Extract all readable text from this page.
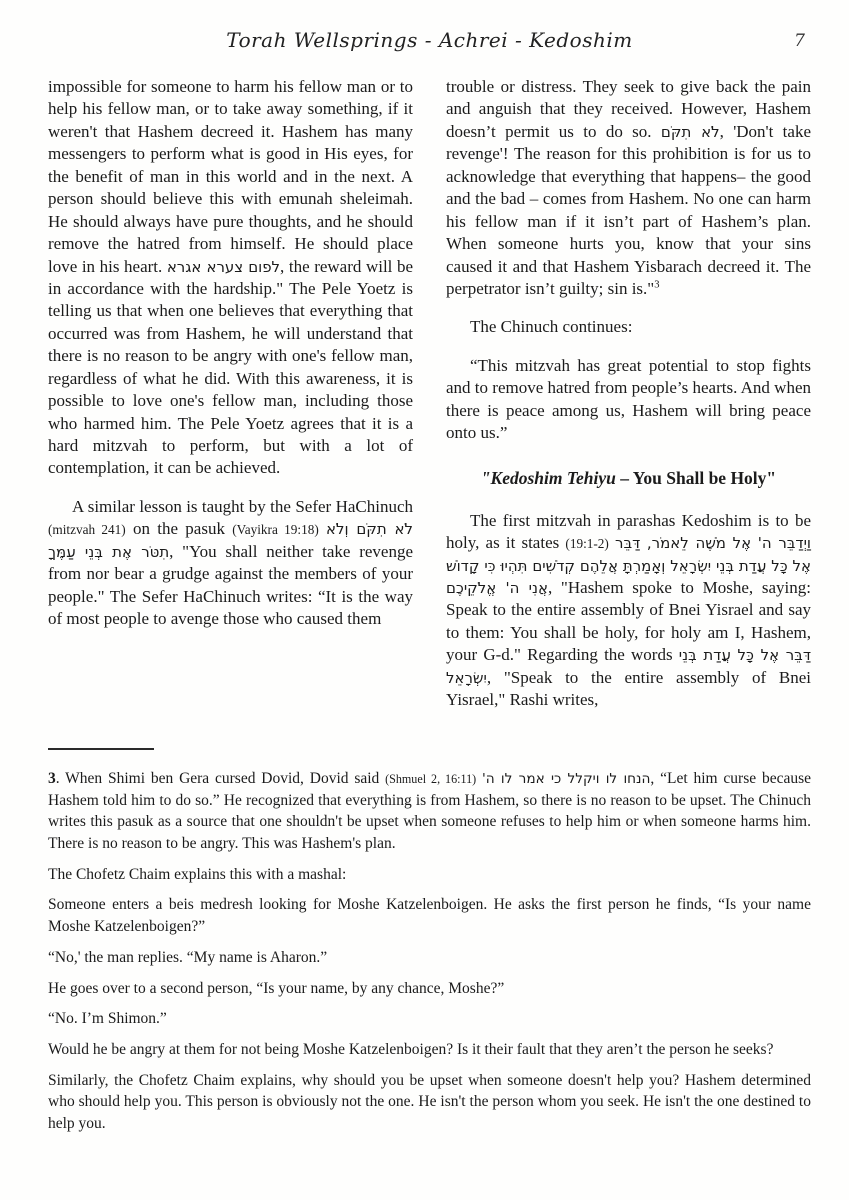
Torah Wellsprings - Achrei - Kedoshim	7

impossible for someone to harm his fellow man or to help his fellow man, or to take away something, if it weren't that Hashem decreed it. Hashem has many messengers to perform what is good in His eyes, for the benefit of man in this world and in the next. A person should believe this with emunah sheleimah. He should always have pure thoughts, and he should remove the hatred from himself. He should place love in his heart. לפום צערא אגרא, the reward will be in accordance with the hardship." The Pele Yoetz is telling us that when one believes that everything that occurred was from Hashem, he will understand that there is no reason to be angry with one's fellow man, regardless of what he did. With this awareness, it is possible to love one's fellow man, including those who harmed him. The Pele Yoetz agrees that it is a hard mitzvah to perform, but with a lot of contemplation, it can be achieved.

A similar lesson is taught by the Sefer HaChinuch (mitzvah 241) on the pasuk (Vayikra 19:18) לֹא תִקֹּם וְלֹא תִטֹּר אֶת בְּנֵי עַמֶּךָ, "You shall neither take revenge from nor bear a grudge against the members of your people." The Sefer HaChinuch writes: “It is the way of most people to avenge those who caused them

trouble or distress. They seek to give back the pain and anguish that they received. However, Hashem doesn’t permit us to do so. לֹא תִקֹּם, 'Don't take revenge'! The reason for this prohibition is for us to acknowledge that everything that happens– the good and the bad – comes from Hashem. No one can harm his fellow man if it isn’t part of Hashem’s plan. When someone hurts you, know that your sins caused it and that Hashem Yisbarach decreed it. The perpetrator isn’t guilty; sin is."$^3$

The Chinuch continues:

“This mitzvah has great potential to stop fights and to remove hatred from people’s hearts. And when there is peace among us, Hashem will bring peace onto us.”

"Kedoshim Tehiyu – You Shall be Holy"

The first mitzvah in parashas Kedoshim is to be holy, as it states (19:1-2) וַיְדַבֵּר ה' אֶל מֹשֶׁה לֵאמֹר, דַּבֵּר אֶל כָּל עֲדַת בְּנֵי יִשְׂרָאֵל וְאָמַרְתָּ אֲלֵהֶם קְדֹשִׁים תִּהְיוּ כִּי קָדוֹשׁ אֲנִי ה' אֱלֹקֵיכֶם, "Hashem spoke to Moshe, saying: Speak to the entire assembly of Bnei Yisrael and say to them: You shall be holy, for holy am I, Hashem, your G-d." Regarding the words דַּבֵּר אֶל כָּל עֲדַת בְּנֵי יִשְׂרָאֵל, "Speak to the entire assembly of Bnei Yisrael," Rashi writes,

3. When Shimi ben Gera cursed Dovid, Dovid said (Shmuel 2, 16:11) הנחו לו ויקלל כי אמר לו ה', “Let him curse because Hashem told him to do so.” He recognized that everything is from Hashem, so there is no reason to be upset. The Chinuch writes this pasuk as a source that one shouldn't be upset when someone refuses to help him or when someone harms him. There is no reason to be angry. This was Hashem's plan.

The Chofetz Chaim explains this with a mashal:

Someone enters a beis medresh looking for Moshe Katzelenboigen. He asks the first person he finds, “Is your name Moshe Katzelenboigen?”

“No,' the man replies. “My name is Aharon.”

He goes over to a second person, “Is your name, by any chance, Moshe?”

“No. I’m Shimon.”

Would he be angry at them for not being Moshe Katzelenboigen? Is it their fault that they aren’t the person he seeks?

Similarly, the Chofetz Chaim explains, why should you be upset when someone doesn't help you? Hashem determined who should help you. This person is obviously not the one. He isn't the person whom you seek. He isn't the one destined to help you.
